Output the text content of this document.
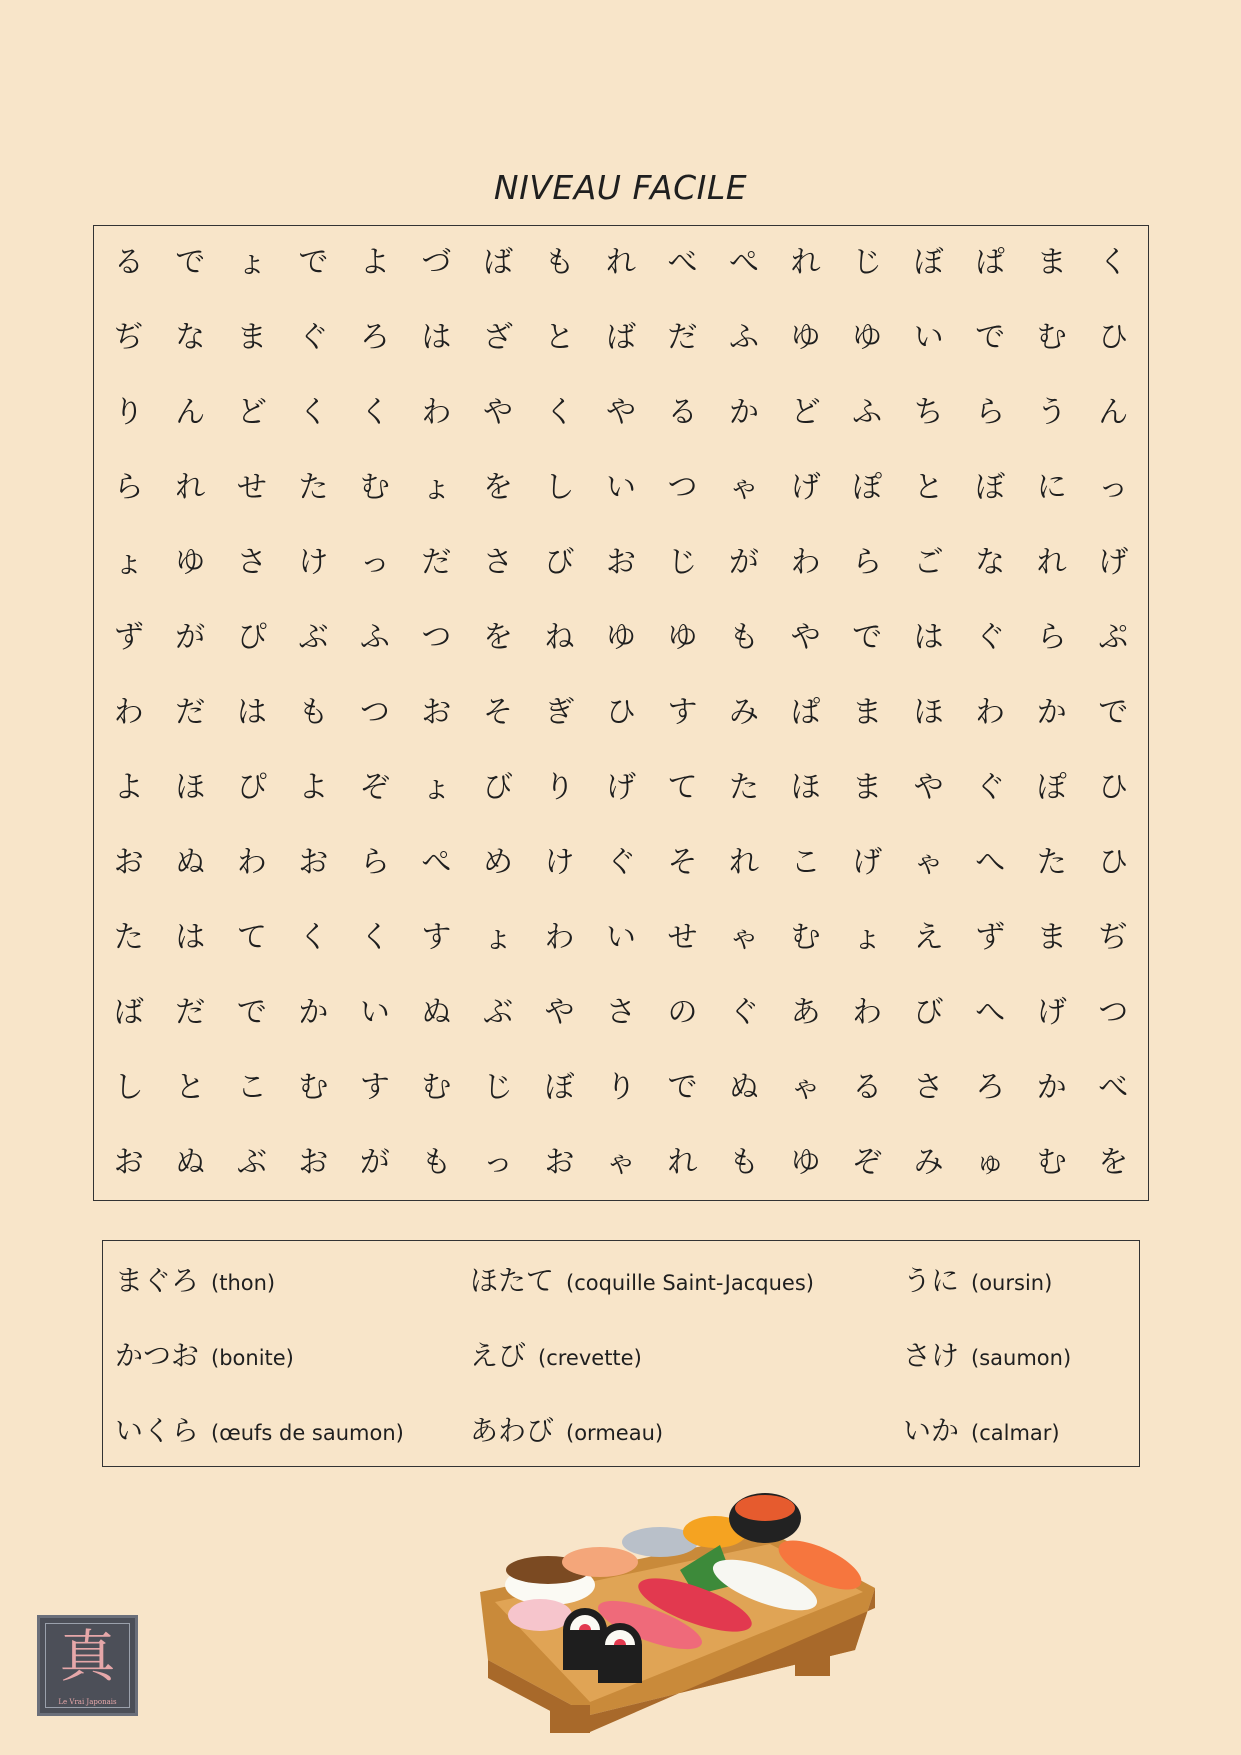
NIVEAU FACILE
る	で	ょ	で	よ	づ	ば	も	れ	べ	ぺ	れ	じ	ぼ	ぱ	ま	く
ぢ	な	ま	ぐ	ろ	は	ざ	と	ば	だ	ふ	ゆ	ゆ	い	で	む	ひ
り	ん	ど	く	く	わ	や	く	や	る	か	ど	ふ	ち	ら	う	ん
ら	れ	せ	た	む	ょ	を	し	い	つ	ゃ	げ	ぽ	と	ぼ	に	っ
ょ	ゆ	さ	け	っ	だ	さ	び	お	じ	が	わ	ら	ご	な	れ	げ
ず	が	ぴ	ぶ	ふ	つ	を	ね	ゆ	ゆ	も	や	で	は	ぐ	ら	ぷ
わ	だ	は	も	つ	お	そ	ぎ	ひ	す	み	ぱ	ま	ほ	わ	か	で
よ	ほ	ぴ	よ	ぞ	ょ	び	り	げ	て	た	ほ	ま	や	ぐ	ぽ	ひ
お	ぬ	わ	お	ら	ぺ	め	け	ぐ	そ	れ	こ	げ	ゃ	へ	た	ひ
た	は	て	く	く	す	ょ	わ	い	せ	ゃ	む	ょ	え	ず	ま	ぢ
ば	だ	で	か	い	ぬ	ぶ	や	さ	の	ぐ	あ	わ	び	へ	げ	つ
し	と	こ	む	す	む	じ	ぼ	り	で	ぬ	ゃ	る	さ	ろ	か	べ
お	ぬ	ぶ	お	が	も	っ	お	ゃ	れ	も	ゆ	ぞ	み	ゅ	む	を
まぐろ (thon)	ほたて (coquille Saint-Jacques)	うに (oursin)
かつお (bonite)	えび (crevette)	さけ (saumon)
いくら (œufs de saumon) あわび (ormeau)	いか (calmar)
真
Le Vrai Japonais
